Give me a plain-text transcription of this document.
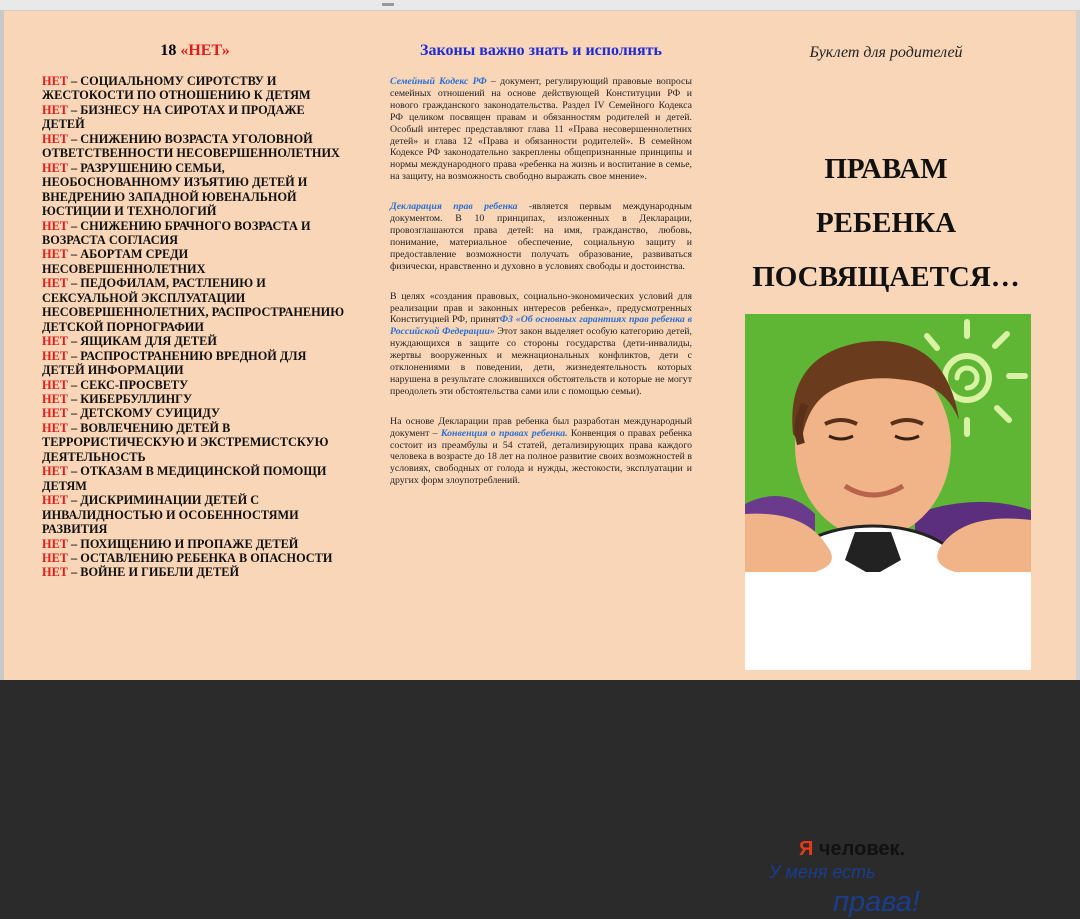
18 «НЕТ»
НЕТ – СОЦИАЛЬНОМУ СИРОТСТВУ И ЖЕСТОКОСТИ ПО ОТНОШЕНИЮ К ДЕТЯМ
НЕТ – БИЗНЕСУ НА СИРОТАХ И ПРОДАЖЕ ДЕТЕЙ
НЕТ – СНИЖЕНИЮ ВОЗРАСТА УГОЛОВНОЙ ОТВЕТСТВЕННОСТИ НЕСОВЕРШЕННОЛЕТНИХ
НЕТ – РАЗРУШЕНИЮ СЕМЬИ, НЕОБОСНОВАННОМУ ИЗЪЯТИЮ ДЕТЕЙ И ВНЕДРЕНИЮ ЗАПАДНОЙ ЮВЕНАЛЬНОЙ ЮСТИЦИИ И ТЕХНОЛОГИЙ
НЕТ – СНИЖЕНИЮ БРАЧНОГО ВОЗРАСТА И ВОЗРАСТА СОГЛАСИЯ
НЕТ – АБОРТАМ СРЕДИ НЕСОВЕРШЕННОЛЕТНИХ
НЕТ – ПЕДОФИЛАМ, РАСТЛЕНИЮ И СЕКСУАЛЬНОЙ ЭКСПЛУАТАЦИИ НЕСОВЕРШЕННОЛЕТНИХ, РАСПРОСТРАНЕНИЮ ДЕТСКОЙ ПОРНОГРАФИИ
НЕТ – ЯЩИКАМ ДЛЯ ДЕТЕЙ
НЕТ – РАСПРОСТРАНЕНИЮ ВРЕДНОЙ ДЛЯ ДЕТЕЙ ИНФОРМАЦИИ
НЕТ – СЕКС-ПРОСВЕТУ
НЕТ – КИБЕРБУЛЛИНГУ
НЕТ – ДЕТСКОМУ СУИЦИДУ
НЕТ – ВОВЛЕЧЕНИЮ ДЕТЕЙ В ТЕРРОРИСТИЧЕСКУЮ И ЭКСТРЕМИСТСКУЮ ДЕЯТЕЛЬНОСТЬ
НЕТ – ОТКАЗАМ В МЕДИЦИНСКОЙ ПОМОЩИ ДЕТЯМ
НЕТ – ДИСКРИМИНАЦИИ ДЕТЕЙ С ИНВАЛИДНОСТЬЮ И ОСОБЕННОСТЯМИ РАЗВИТИЯ
НЕТ – ПОХИЩЕНИЮ И ПРОПАЖЕ ДЕТЕЙ
НЕТ – ОСТАВЛЕНИЮ РЕБЕНКА В ОПАСНОСТИ
НЕТ – ВОЙНЕ И ГИБЕЛИ ДЕТЕЙ
Законы важно знать и исполнять

Семейный Кодекс РФ – документ, регулирующий правовые вопросы семейных отношений на основе действующей Конституции РФ и нового гражданского законодательства. Раздел IV Семейного Кодекса РФ целиком посвящен правам и обязанностям родителей и детей. Особый интерес представляют глава 11 «Права несовершеннолетних детей» и глава 12 «Права и обязанности родителей». В семейном Кодексе РФ законодательно закреплены общепризнанные принципы и нормы международного права «ребенка на жизнь и воспитание в семье, на защиту, на возможность свободно выражать свое мнение».

Декларация прав ребенка -является первым международным документом. В 10 принципах, изложенных в Декларации, провозглашаются права детей: на имя, гражданство, любовь, понимание, материальное обеспечение, социальную защиту и предоставление возможности получать образование, развиваться физически, нравственно и духовно в условиях свободы и достоинства.

В целях «создания правовых, социально-экономических условий для реализации прав и законных интересов ребенка», предусмотренных Конституцией РФ, принятФЗ «Об основных гарантиях прав ребенка в Российской Федерации» Этот закон выделяет особую категорию детей, нуждающихся в защите со стороны государства (дети-инвалиды, жертвы вооруженных и межнациональных конфликтов, дети с отклонениями в поведении, дети, жизнедеятельность которых нарушена в результате сложившихся обстоятельств и которые не могут преодолеть эти обстоятельства сами или с помощью семьи).

На основе Декларации прав ребенка был разработан международный документ – Конвенция о правах ребенка. Конвенция о правах ребенка состоит из преамбулы и 54 статей, детализирующих права каждого человека в возрасте до 18 лет на полное развитие своих возможностей в условиях, свободных от голода и нужды, жестокости, эксплуатации и других форм злоупотреблений.

Буклет для родителей
ПРАВАМ
РЕБЕНКА
ПОСВЯЩАЕТСЯ…
Я человек.
У меня есть
права!
